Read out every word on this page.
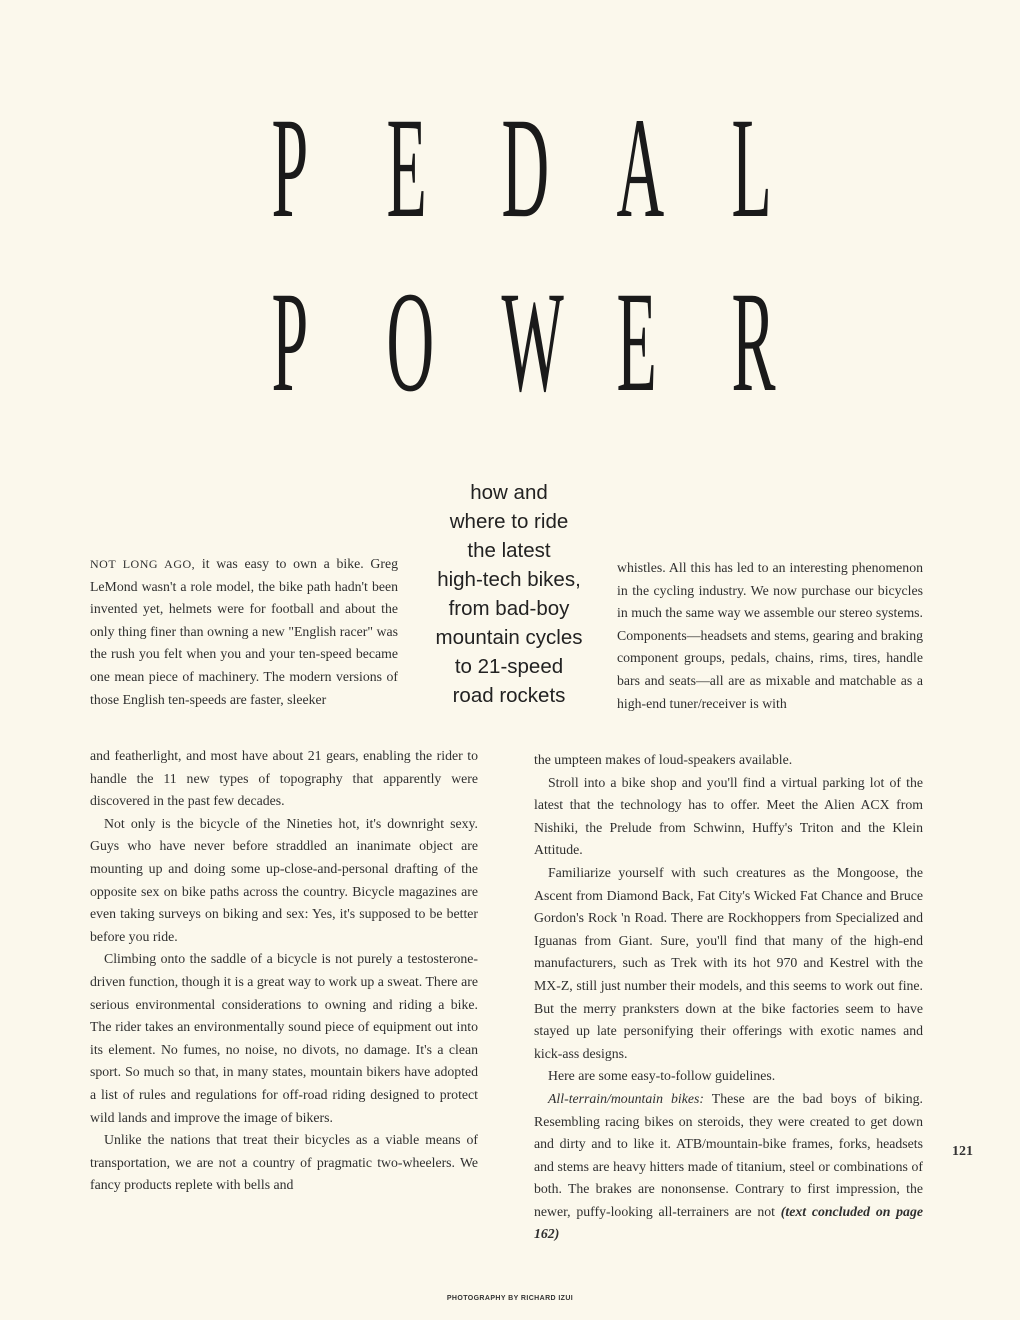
P E D A L
P O W E R
how and
where to ride
the latest
high-tech bikes,
from bad-boy
mountain cycles
to 21-speed
road rockets

NOT LONG AGO, it was easy to own a bike. Greg LeMond wasn't a role model, the bike path hadn't been invented yet, helmets were for football and about the only thing finer than owning a new "English racer" was the rush you felt when you and your ten-speed became one mean piece of machinery. The modern versions of those English ten-speeds are faster, sleeker

and featherlight, and most have about 21 gears, enabling the rider to handle the 11 new types of topography that apparently were discovered in the past few decades.

Not only is the bicycle of the Nineties hot, it's downright sexy. Guys who have never before straddled an inanimate object are mounting up and doing some up-close-and-personal drafting of the opposite sex on bike paths across the country. Bicycle magazines are even taking surveys on biking and sex: Yes, it's supposed to be better before you ride.

Climbing onto the saddle of a bicycle is not purely a testosterone-driven function, though it is a great way to work up a sweat. There are serious environmental considerations to owning and riding a bike. The rider takes an environmentally sound piece of equipment out into its element. No fumes, no noise, no divots, no damage. It's a clean sport. So much so that, in many states, mountain bikers have adopted a list of rules and regulations for off-road riding designed to protect wild lands and improve the image of bikers.

Unlike the nations that treat their bicycles as a viable means of transportation, we are not a country of pragmatic two-wheelers. We fancy products replete with bells and

whistles. All this has led to an interesting phenomenon in the cycling industry. We now purchase our bicycles in much the same way we assemble our stereo systems. Components—headsets and stems, gearing and braking component groups, pedals, chains, rims, tires, handle bars and seats—all are as mixable and matchable as a high-end tuner/receiver is with

the umpteen makes of loud-speakers available.

Stroll into a bike shop and you'll find a virtual parking lot of the latest that the technology has to offer. Meet the Alien ACX from Nishiki, the Prelude from Schwinn, Huffy's Triton and the Klein Attitude.

Familiarize yourself with such creatures as the Mongoose, the Ascent from Diamond Back, Fat City's Wicked Fat Chance and Bruce Gordon's Rock 'n Road. There are Rockhoppers from Specialized and Iguanas from Giant. Sure, you'll find that many of the high-end manufacturers, such as Trek with its hot 970 and Kestrel with the MX-Z, still just number their models, and this seems to work out fine. But the merry pranksters down at the bike factories seem to have stayed up late personifying their offerings with exotic names and kick-ass designs.

Here are some easy-to-follow guidelines.

All-terrain/mountain bikes: These are the bad boys of biking. Resembling racing bikes on steroids, they were created to get down and dirty and to like it. ATB/mountain-bike frames, forks, headsets and stems are heavy hitters made of titanium, steel or combinations of both. The brakes are nononsense. Contrary to first impression, the newer, puffy-looking all-terrainers are not (text concluded on page 162)

121
PHOTOGRAPHY BY RICHARD IZUI
